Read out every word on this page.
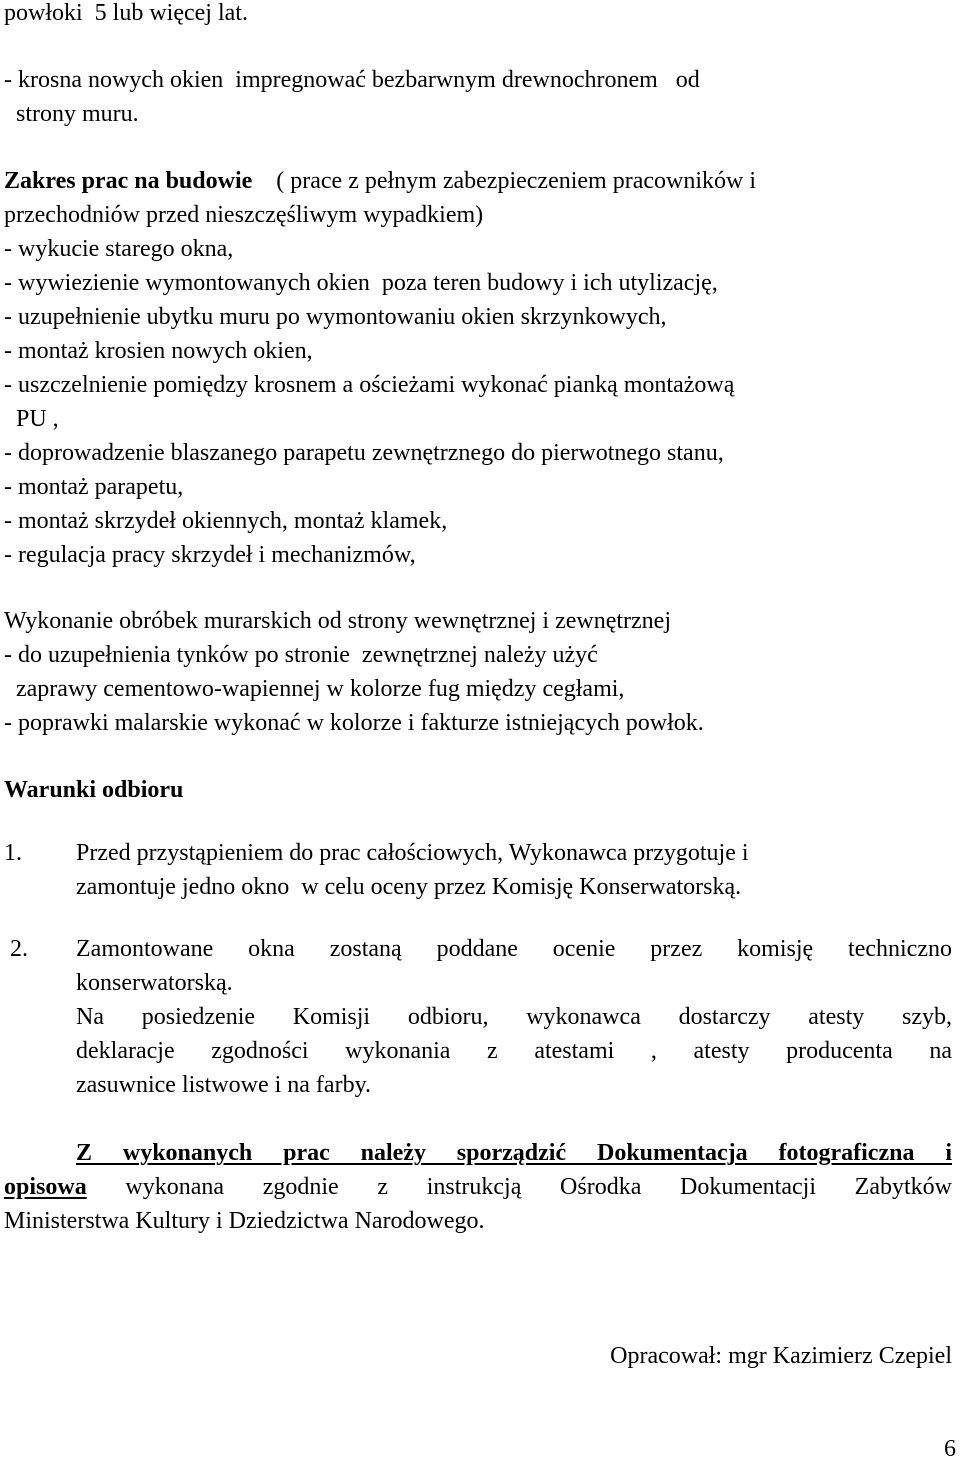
powłoki  5 lub więcej lat.

- krosna nowych okien  impregnować bezbarwnym drewnochronem   od

strony muru.

Zakres prac na budowie    ( prace z pełnym zabezpieczeniem pracowników i

przechodniów przed nieszczęśliwym wypadkiem)

- wykucie starego okna,

- wywiezienie wymontowanych okien  poza teren budowy i ich utylizację,

- uzupełnienie ubytku muru po wymontowaniu okien skrzynkowych,

- montaż krosien nowych okien,

- uszczelnienie pomiędzy krosnem a ościeżami wykonać pianką montażową

PU ,

- doprowadzenie blaszanego parapetu zewnętrznego do pierwotnego stanu,

- montaż parapetu,

- montaż skrzydeł okiennych, montaż klamek,

- regulacja pracy skrzydeł i mechanizmów,

Wykonanie obróbek murarskich od strony wewnętrznej i zewnętrznej

- do uzupełnienia tynków po stronie  zewnętrznej należy użyć

zaprawy cementowo-wapiennej w kolorze fug między cegłami,

- poprawki malarskie wykonać w kolorze i fakturze istniejących powłok.

Warunki odbioru

1. Przed przystąpieniem do prac całościowych, Wykonawca przygotuje i

zamontuje jedno okno  w celu oceny przez Komisję Konserwatorską.

2. Zamontowane okna zostaną poddane ocenie przez komisję technicznо

konserwatorską.

Na posiedzenie Komisji odbioru, wykonawca dostarczy atesty szyb,

deklaracje zgodności wykonania z atestami , atesty producenta na

zasuwnice listwowe i na farby.

Z wykonanych prac należy sporządzić Dokumentacja fotograficzna i

opisowa wykonana zgodnie z instrukcją Ośrodka Dokumentacji Zabytków

Ministerstwa Kultury i Dziedzictwa Narodowego.

Opracował: mgr Kazimierz Czepiel

6
